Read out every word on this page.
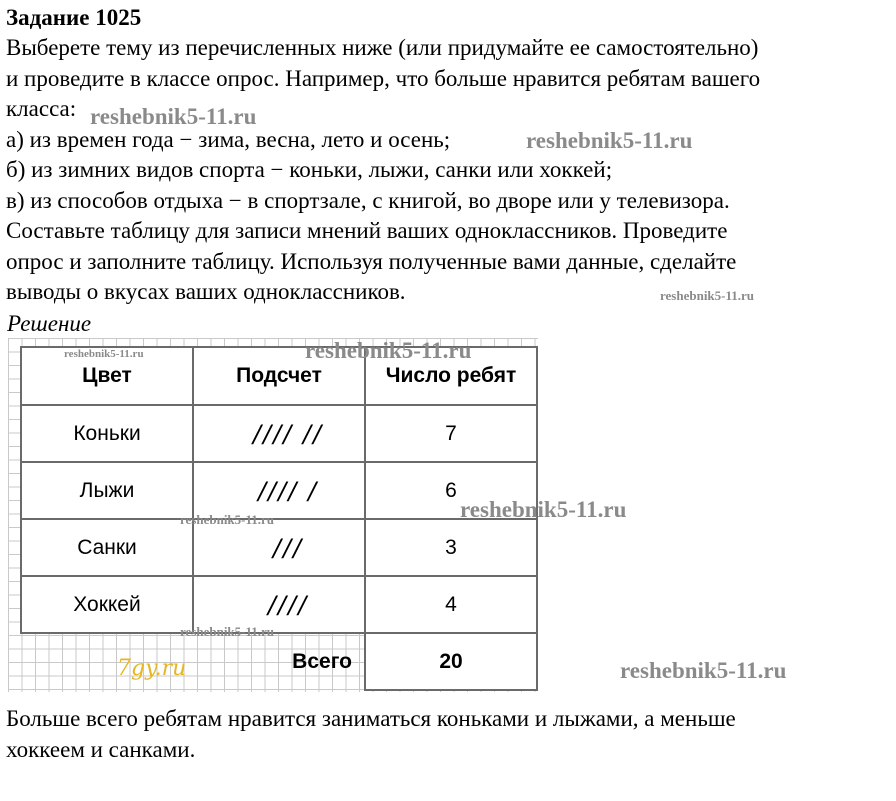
Задание 1025
Выберете тему из перечисленных ниже (или придумайте ее самостоятельно)
и проведите в классе опрос. Например, что больше нравится ребятам вашего
класса:
а) из времен года − зима, весна, лето и осень;
б) из зимних видов спорта − коньки, лыжи, санки или хоккей;
в) из способов отдыха − в спортзале, с книгой, во дворе или у телевизора.
Составьте таблицу для записи мнений ваших одноклассников. Проведите
опрос и заполните таблицу. Используя полученные вами данные, сделайте
выводы о вкусах ваших одноклассников.
Решение
Цвет	Подсчет	Число ребят
Коньки	//// //	7
Лыжи	//// /	6
Санки	///	3
Хоккей	////	4
	Всего	20
7gy.ru
Больше всего ребятам нравится заниматься коньками и лыжами, а меньше
хоккеем и санками.
reshebnik5-11.ru
reshebnik5-11.ru
reshebnik5-11.ru
reshebnik5-11.ru
reshebnik5-11.ru
reshebnik5-11.ru
reshebnik5-11.ru
reshebnik5-11.ru
reshebnik5-11.ru
